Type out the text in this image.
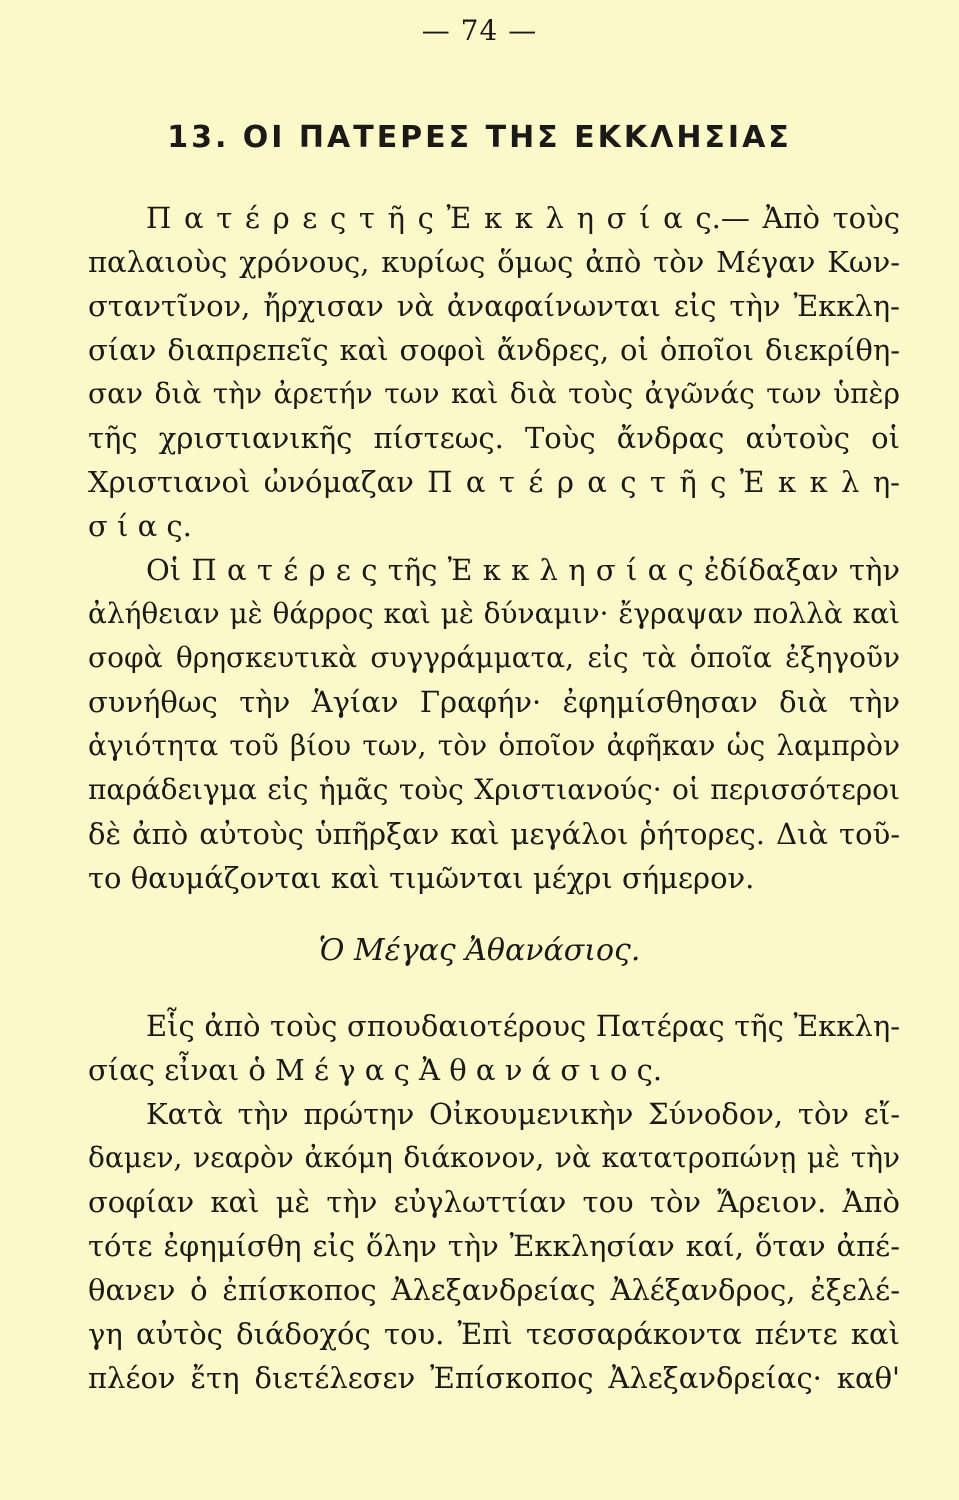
— 74 —
13. ΟΙ ΠΑΤΕΡΕΣ ΤΗΣ ΕΚΚΛΗΣΙΑΣ
Π α τ έ ρ ε ς τ ῆ ς Ἐ κ κ λ η σ ί α ς.— Ἀπὸ τοὺς
παλαιοὺς χρόνους, κυρίως ὅμως ἀπὸ τὸν Μέγαν Κων-
σταντῖνον, ἤρχισαν νὰ ἀναφαίνωνται εἰς τὴν Ἐκκλη-
σίαν διαπρεπεῖς καὶ σοφοὶ ἄνδρες, οἱ ὁποῖοι διεκρίθη-
σαν διὰ τὴν ἀρετήν των καὶ διὰ τοὺς ἀγῶνάς των ὑπὲρ
τῆς χριστιανικῆς πίστεως. Τοὺς ἄνδρας αὐτοὺς οἱ
Χριστιανοὶ ὠνόμαζαν Π α τ έ ρ α ς τ ῆ ς Ἐ κ κ λ η-
σ ί α ς.
Οἱ Π α τ έ ρ ε ς τῆς Ἐ κ κ λ η σ ί α ς ἐδίδαξαν τὴν
ἀλήθειαν μὲ θάρρος καὶ μὲ δύναμιν· ἔγραψαν πολλὰ καὶ
σοφὰ θρησκευτικὰ συγγράμματα, εἰς τὰ ὁποῖα ἐξηγοῦν
συνήθως τὴν Ἁγίαν Γραφήν· ἐφημίσθησαν διὰ τὴν
ἁγιότητα τοῦ βίου των, τὸν ὁποῖον ἀφῆκαν ὡς λαμπρὸν
παράδειγμα εἰς ἡμᾶς τοὺς Χριστιανούς· οἱ περισσότεροι
δὲ ἀπὸ αὐτοὺς ὑπῆρξαν καὶ μεγάλοι ῥήτορες. Διὰ τοῦ-
το θαυμάζονται καὶ τιμῶνται μέχρι σήμερον.
Ὁ Μέγας Ἀθανάσιος.
Εἷς ἀπὸ τοὺς σπουδαιοτέρους Πατέρας τῆς Ἐκκλη-
σίας εἶναι ὁ Μ έ γ α ς Ἀ θ α ν ά σ ι ο ς.
Κατὰ τὴν πρώτην Οἰκουμενικὴν Σύνοδον, τὸν εἴ-
δαμεν, νεαρὸν ἀκόμη διάκονον, νὰ κατατροπώνῃ μὲ τὴν
σοφίαν καὶ μὲ τὴν εὐγλωττίαν του τὸν Ἄρειον. Ἀπὸ
τότε ἐφημίσθη εἰς ὅλην τὴν Ἐκκλησίαν καί, ὅταν ἀπέ-
θανεν ὁ ἐπίσκοπος Ἀλεξανδρείας Ἀλέξανδρος, ἐξελέ-
γη αὐτὸς διάδοχός του. Ἐπὶ τεσσαράκοντα πέντε καὶ
πλέον ἔτη διετέλεσεν Ἐπίσκοπος Ἀλεξανδρείας· καθ'
